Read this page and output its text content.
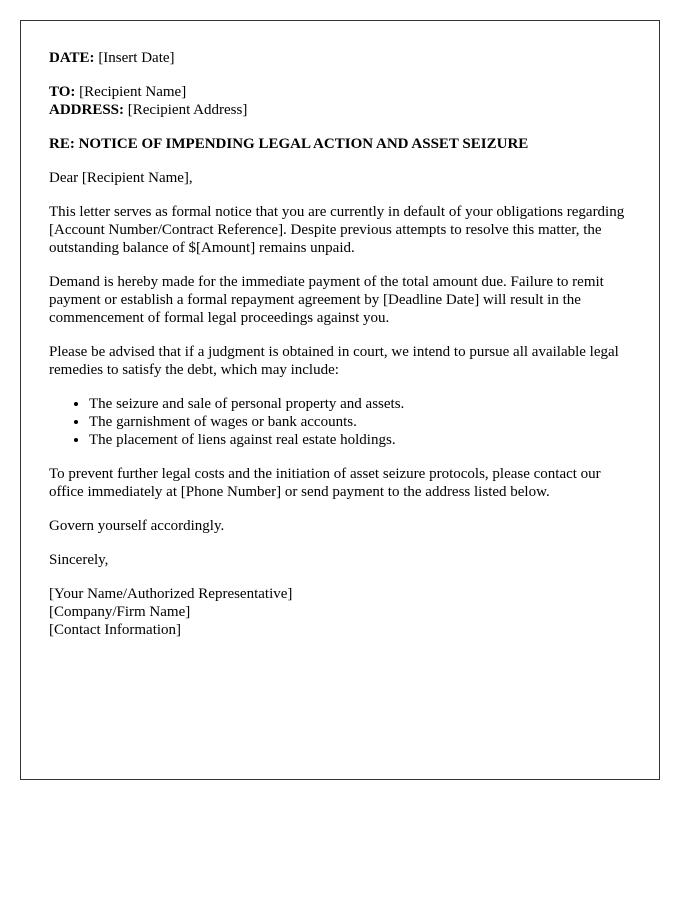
DATE: [Insert Date]

TO: [Recipient Name]
ADDRESS: [Recipient Address]

RE: NOTICE OF IMPENDING LEGAL ACTION AND ASSET SEIZURE

Dear [Recipient Name],

This letter serves as formal notice that you are currently in default of your obligations regarding [Account Number/Contract Reference]. Despite previous attempts to resolve this matter, the outstanding balance of $[Amount] remains unpaid.

Demand is hereby made for the immediate payment of the total amount due. Failure to remit payment or establish a formal repayment agreement by [Deadline Date] will result in the commencement of formal legal proceedings against you.

Please be advised that if a judgment is obtained in court, we intend to pursue all available legal remedies to satisfy the debt, which may include:

• The seizure and sale of personal property and assets.
• The garnishment of wages or bank accounts.
• The placement of liens against real estate holdings.

To prevent further legal costs and the initiation of asset seizure protocols, please contact our office immediately at [Phone Number] or send payment to the address listed below.

Govern yourself accordingly.

Sincerely,

[Your Name/Authorized Representative]
[Company/Firm Name]
[Contact Information]
